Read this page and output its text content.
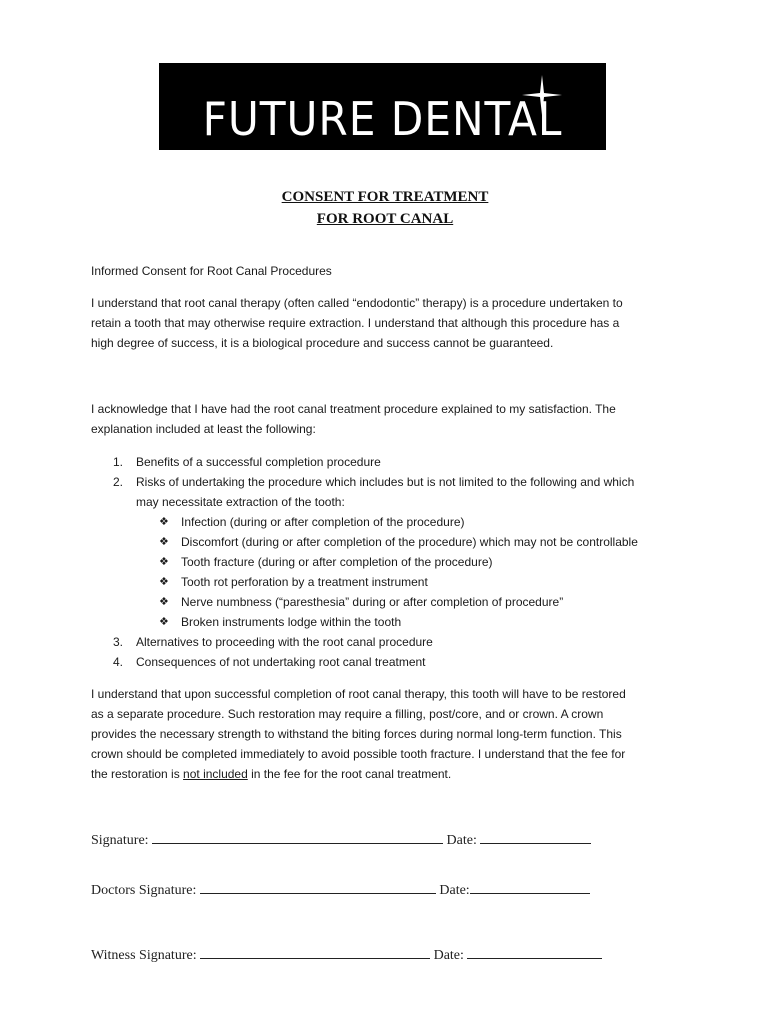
FUTURE DENTAL
CONSENT FOR TREATMENT
FOR ROOT CANAL
Informed Consent for Root Canal Procedures
I understand that root canal therapy (often called “endodontic” therapy) is a procedure undertaken to
retain a tooth that may otherwise require extraction. I understand that although this procedure has a
high degree of success, it is a biological procedure and success cannot be guaranteed.
I acknowledge that I have had the root canal treatment procedure explained to my satisfaction. The
explanation included at least the following:
1. Benefits of a successful completion procedure
2. Risks of undertaking the procedure which includes but is not limited to the following and which
may necessitate extraction of the tooth:
❖ Infection (during or after completion of the procedure)
❖ Discomfort (during or after completion of the procedure) which may not be controllable
❖ Tooth fracture (during or after completion of the procedure)
❖ Tooth rot perforation by a treatment instrument
❖ Nerve numbness (“paresthesia” during or after completion of procedure”
❖ Broken instruments lodge within the tooth
3. Alternatives to proceeding with the root canal procedure
4. Consequences of not undertaking root canal treatment
I understand that upon successful completion of root canal therapy, this tooth will have to be restored
as a separate procedure. Such restoration may require a filling, post/core, and or crown. A crown
provides the necessary strength to withstand the biting forces during normal long-term function. This
crown should be completed immediately to avoid possible tooth fracture. I understand that the fee for
the restoration is not included in the fee for the root canal treatment.
Signature:	Date:
Doctors Signature:	Date:
Witness Signature:	Date:
